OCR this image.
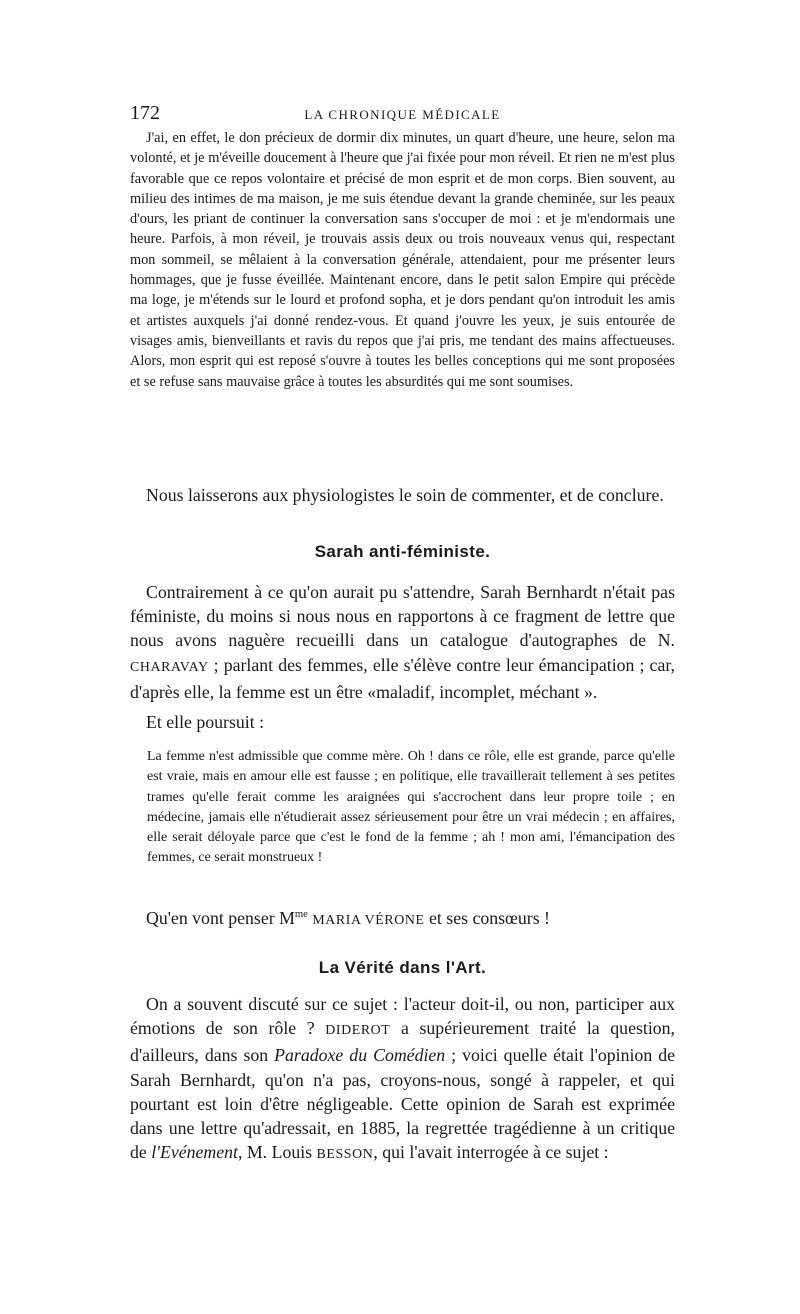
172	LA CHRONIQUE MÉDICALE

J'ai, en effet, le don précieux de dormir dix minutes, un quart d'heure, une heure, selon ma volonté, et je m'éveille doucement à l'heure que j'ai fixée pour mon réveil. Et rien ne m'est plus favorable que ce repos volontaire et précisé de mon esprit et de mon corps. Bien souvent, au milieu des intimes de ma maison, je me suis étendue devant la grande cheminée, sur les peaux d'ours, les priant de continuer la conversation sans s'occuper de moi : et je m'endormais une heure. Parfois, à mon réveil, je trouvais assis deux ou trois nouveaux venus qui, respectant mon sommeil, se mêlaient à la conversation générale, attendaient, pour me présenter leurs hommages, que je fusse éveillée. Maintenant encore, dans le petit salon Empire qui précède ma loge, je m'étends sur le lourd et profond sopha, et je dors pendant qu'on introduit les amis et artistes auxquels j'ai donné rendez-vous. Et quand j'ouvre les yeux, je suis entourée de visages amis, bienveillants et ravis du repos que j'ai pris, me tendant des mains affectueuses. Alors, mon esprit qui est reposé s'ouvre à toutes les belles conceptions qui me sont proposées et se refuse sans mauvaise grâce à toutes les absurdités qui me sont soumises.

Nous laisserons aux physiologistes le soin de commenter, et de conclure.

Sarah anti-féministe.

Contrairement à ce qu'on aurait pu s'attendre, Sarah Bernhardt n'était pas féministe, du moins si nous nous en rapportons à ce fragment de lettre que nous avons naguère recueilli dans un catalogue d'autographes de N. CHARAVAY ; parlant des femmes, elle s'élève contre leur émancipation ; car, d'après elle, la femme est un être «maladif, incomplet, méchant ».

Et elle poursuit :

La femme n'est admissible que comme mère. Oh ! dans ce rôle, elle est grande, parce qu'elle est vraie, mais en amour elle est fausse ; en politique, elle travaillerait tellement à ses petites trames qu'elle ferait comme les araignées qui s'accrochent dans leur propre toile ; en médecine, jamais elle n'étudierait assez sérieusement pour être un vrai médecin ; en affaires, elle serait déloyale parce que c'est le fond de la femme ; ah ! mon ami, l'émancipation des femmes, ce serait monstrueux !

Qu'en vont penser $M^{me}$ MARIA VÉRONE et ses consœurs !

La Vérité dans l'Art.

On a souvent discuté sur ce sujet : l'acteur doit-il, ou non, participer aux émotions de son rôle ? DIDEROT a supérieurement traité la question, d'ailleurs, dans son Paradoxe du Comédien ; voici quelle était l'opinion de Sarah Bernhardt, qu'on n'a pas, croyons-nous, songé à rappeler, et qui pourtant est loin d'être négligeable. Cette opinion de Sarah est exprimée dans une lettre qu'adressait, en 1885, la regrettée tragédienne à un critique de l'Evénement, M. Louis BESSON, qui l'avait interrogée à ce sujet :
